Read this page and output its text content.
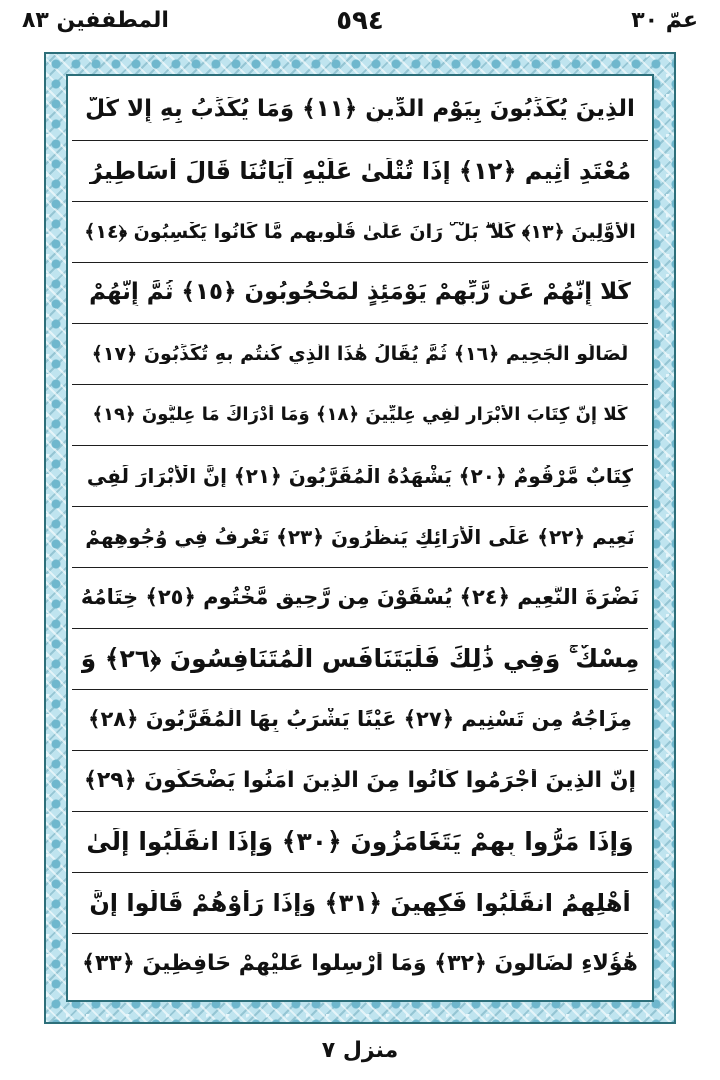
المطففين ٨٣	٥٩٤	عمّ ٣٠
الَّذِينَ يُكَذِّبُونَ بِيَوْمِ الدِّينِ ﴿١١﴾ وَمَا يُكَذِّبُ بِهِ إِلَّا كُلُّ
مُعْتَدٍ أَثِيمٍ ﴿١٢﴾ إِذَا تُتْلَىٰ عَلَيْهِ آيَاتُنَا قَالَ أَسَاطِيرُ
الْأَوَّلِينَ ﴿١٣﴾ كَلَّا ۖ بَلْ ۜ رَانَ عَلَىٰ قُلُوبِهِم مَّا كَانُوا يَكْسِبُونَ ﴿١٤﴾
كَلَّا إِنَّهُمْ عَن رَّبِّهِمْ يَوْمَئِذٍ لَّمَحْجُوبُونَ ﴿١٥﴾ ثُمَّ إِنَّهُمْ
لَصَالُو الْجَحِيمِ ﴿١٦﴾ ثُمَّ يُقَالُ هَٰذَا الَّذِي كُنتُم بِهِ تُكَذِّبُونَ ﴿١٧﴾
كَلَّا إِنَّ كِتَابَ الْأَبْرَارِ لَفِي عِلِّيِّينَ ﴿١٨﴾ وَمَا أَدْرَاكَ مَا عِلِّيُّونَ ﴿١٩﴾
كِتَابٌ مَّرْقُومٌ ﴿٢٠﴾ يَشْهَدُهُ الْمُقَرَّبُونَ ﴿٢١﴾ إِنَّ الْأَبْرَارَ لَفِي
نَعِيمٍ ﴿٢٢﴾ عَلَى الْأَرَائِكِ يَنظُرُونَ ﴿٢٣﴾ تَعْرِفُ فِي وُجُوهِهِمْ
نَضْرَةَ النَّعِيمِ ﴿٢٤﴾ يُسْقَوْنَ مِن رَّحِيقٍ مَّخْتُومٍ ﴿٢٥﴾ خِتَامُهُ
مِسْكٌ ۚ وَفِي ذَٰلِكَ فَلْيَتَنَافَسِ الْمُتَنَافِسُونَ ﴿٢٦﴾ وَ
مِزَاجُهُ مِن تَسْنِيمٍ ﴿٢٧﴾ عَيْنًا يَشْرَبُ بِهَا الْمُقَرَّبُونَ ﴿٢٨﴾
إِنَّ الَّذِينَ أَجْرَمُوا كَانُوا مِنَ الَّذِينَ آمَنُوا يَضْحَكُونَ ﴿٢٩﴾
وَإِذَا مَرُّوا بِهِمْ يَتَغَامَزُونَ ﴿٣٠﴾ وَإِذَا انقَلَبُوا إِلَىٰ
أَهْلِهِمُ انقَلَبُوا فَكِهِينَ ﴿٣١﴾ وَإِذَا رَأَوْهُمْ قَالُوا إِنَّ
هَٰؤُلَاءِ لَضَالُّونَ ﴿٣٢﴾ وَمَا أُرْسِلُوا عَلَيْهِمْ حَافِظِينَ ﴿٣٣﴾
منزل ٧
